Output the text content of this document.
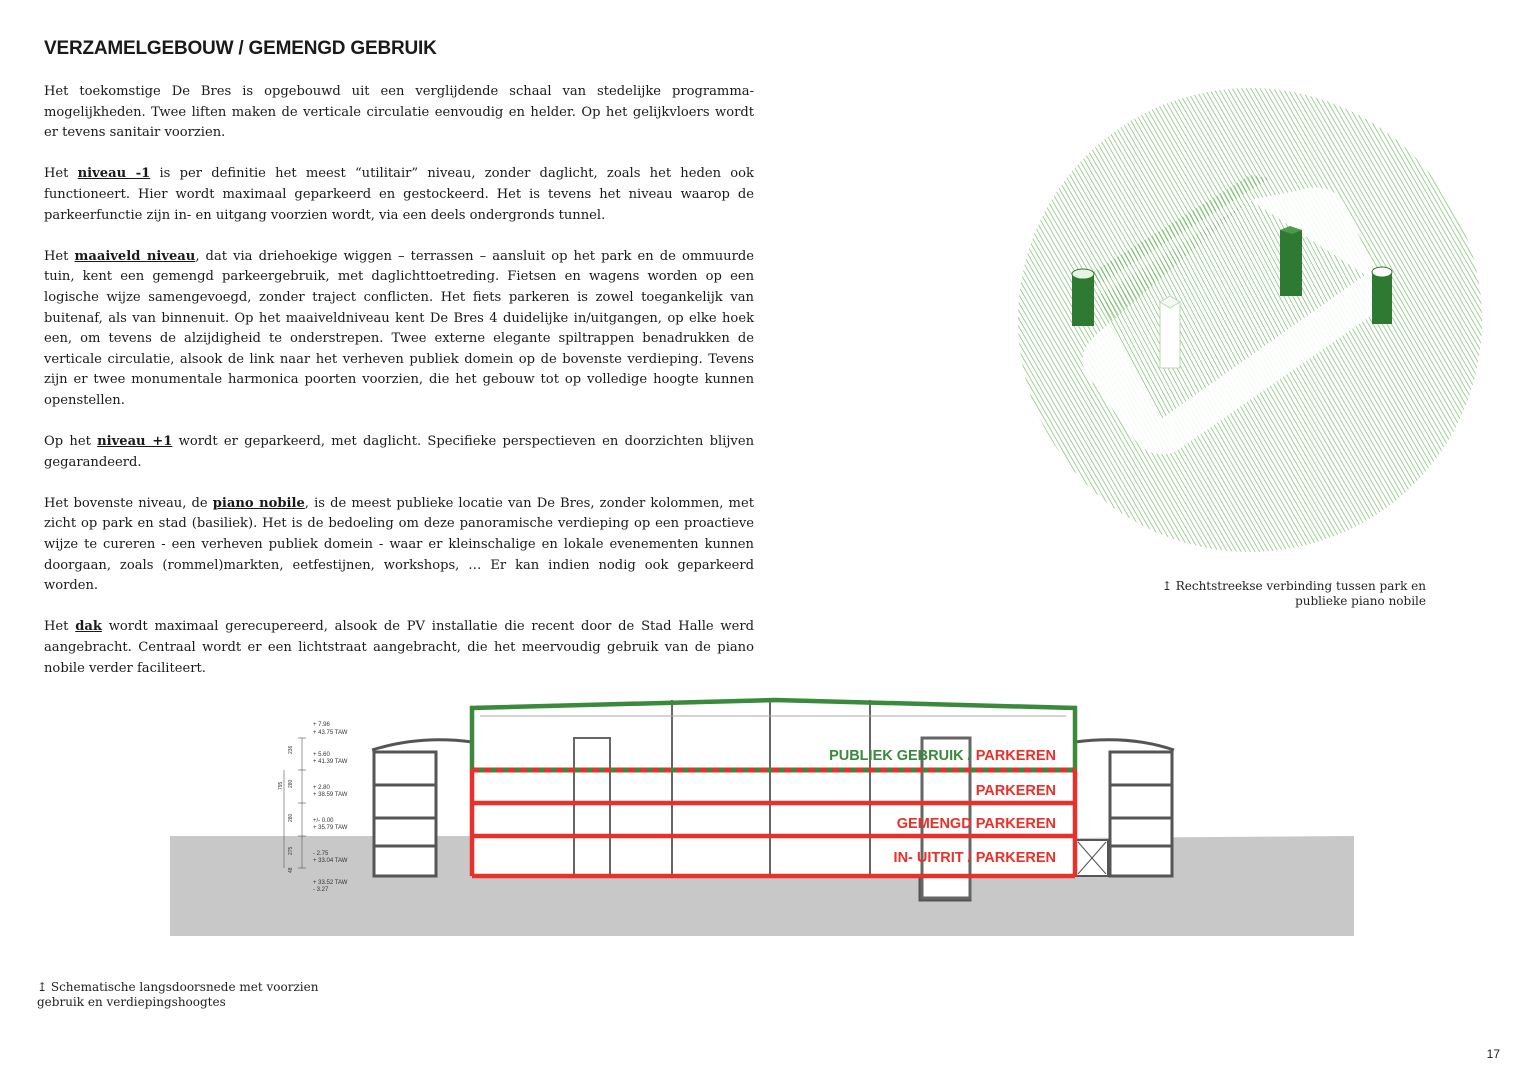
VERZAMELGEBOUW / GEMENGD GEBRUIK

Het toekomstige De Bres is opgebouwd uit een verglijdende schaal van stedelijke programma-mogelijkheden. Twee liften maken de verticale circulatie eenvoudig en helder. Op het gelijkvloers wordt er tevens sanitair voorzien.

Het niveau -1 is per definitie het meest “utilitair” niveau, zonder daglicht, zoals het heden ook functioneert. Hier wordt maximaal geparkeerd en gestockeerd. Het is tevens het niveau waarop de parkeerfunctie zijn in- en uitgang voorzien wordt, via een deels ondergronds tunnel.

Het maaiveld niveau, dat via driehoekige wiggen – terrassen – aansluit op het park en de ommuurde tuin, kent een gemengd parkeergebruik, met daglichttoetreding. Fietsen en wagens worden op een logische wijze samengevoegd, zonder traject conflicten. Het fiets parkeren is zowel toegankelijk van buitenaf, als van binnenuit. Op het maaiveldniveau kent De Bres 4 duidelijke in/uitgangen, op elke hoek een, om tevens de alzijdigheid te onderstrepen. Twee externe elegante spiltrappen benadrukken de verticale circulatie, alsook de link naar het verheven publiek domein op de bovenste verdieping. Tevens zijn er twee monumentale harmonica poorten voorzien, die het gebouw tot op volledige hoogte kunnen openstellen.

Op het niveau +1 wordt er geparkeerd, met daglicht. Specifieke perspectieven en doorzichten blijven gegarandeerd.

Het bovenste niveau, de piano nobile, is de meest publieke locatie van De Bres, zonder kolommen, met zicht op park en stad (basiliek). Het is de bedoeling om deze panoramische verdieping op een proactieve wijze te cureren - een verheven publiek domein - waar er kleinschalige en lokale evenementen kunnen doorgaan, zoals (rommel)markten, eetfestijnen, workshops, … Er kan indien nodig ook geparkeerd worden.

Het dak wordt maximaal gerecupereerd, alsook de PV installatie die recent door de Stad Halle werd aangebracht. Centraal wordt er een lichtstraat aangebracht, die het meervoudig gebruik van de piano nobile verder faciliteert.

↥ Rechtstreekse verbinding tussen park en publieke piano nobile
PUBLIEK GEBRUIK / PARKEREN
PARKEREN
GEMENGD PARKEREN
IN- UITRIT / PARKEREN
+ 7.96
+ 43.75 TAW
+ 5.60
+ 41.39 TAW
+ 2.80
+ 38.59 TAW
+/- 0.00
+ 35.79 TAW
- 2.75
+ 33.04 TAW
+ 33.52 TAW
- 3.27
236
280
280
275
48
795
↥ Schematische langsdoorsnede met voorzien gebruik en verdiepingshoogtes
17
